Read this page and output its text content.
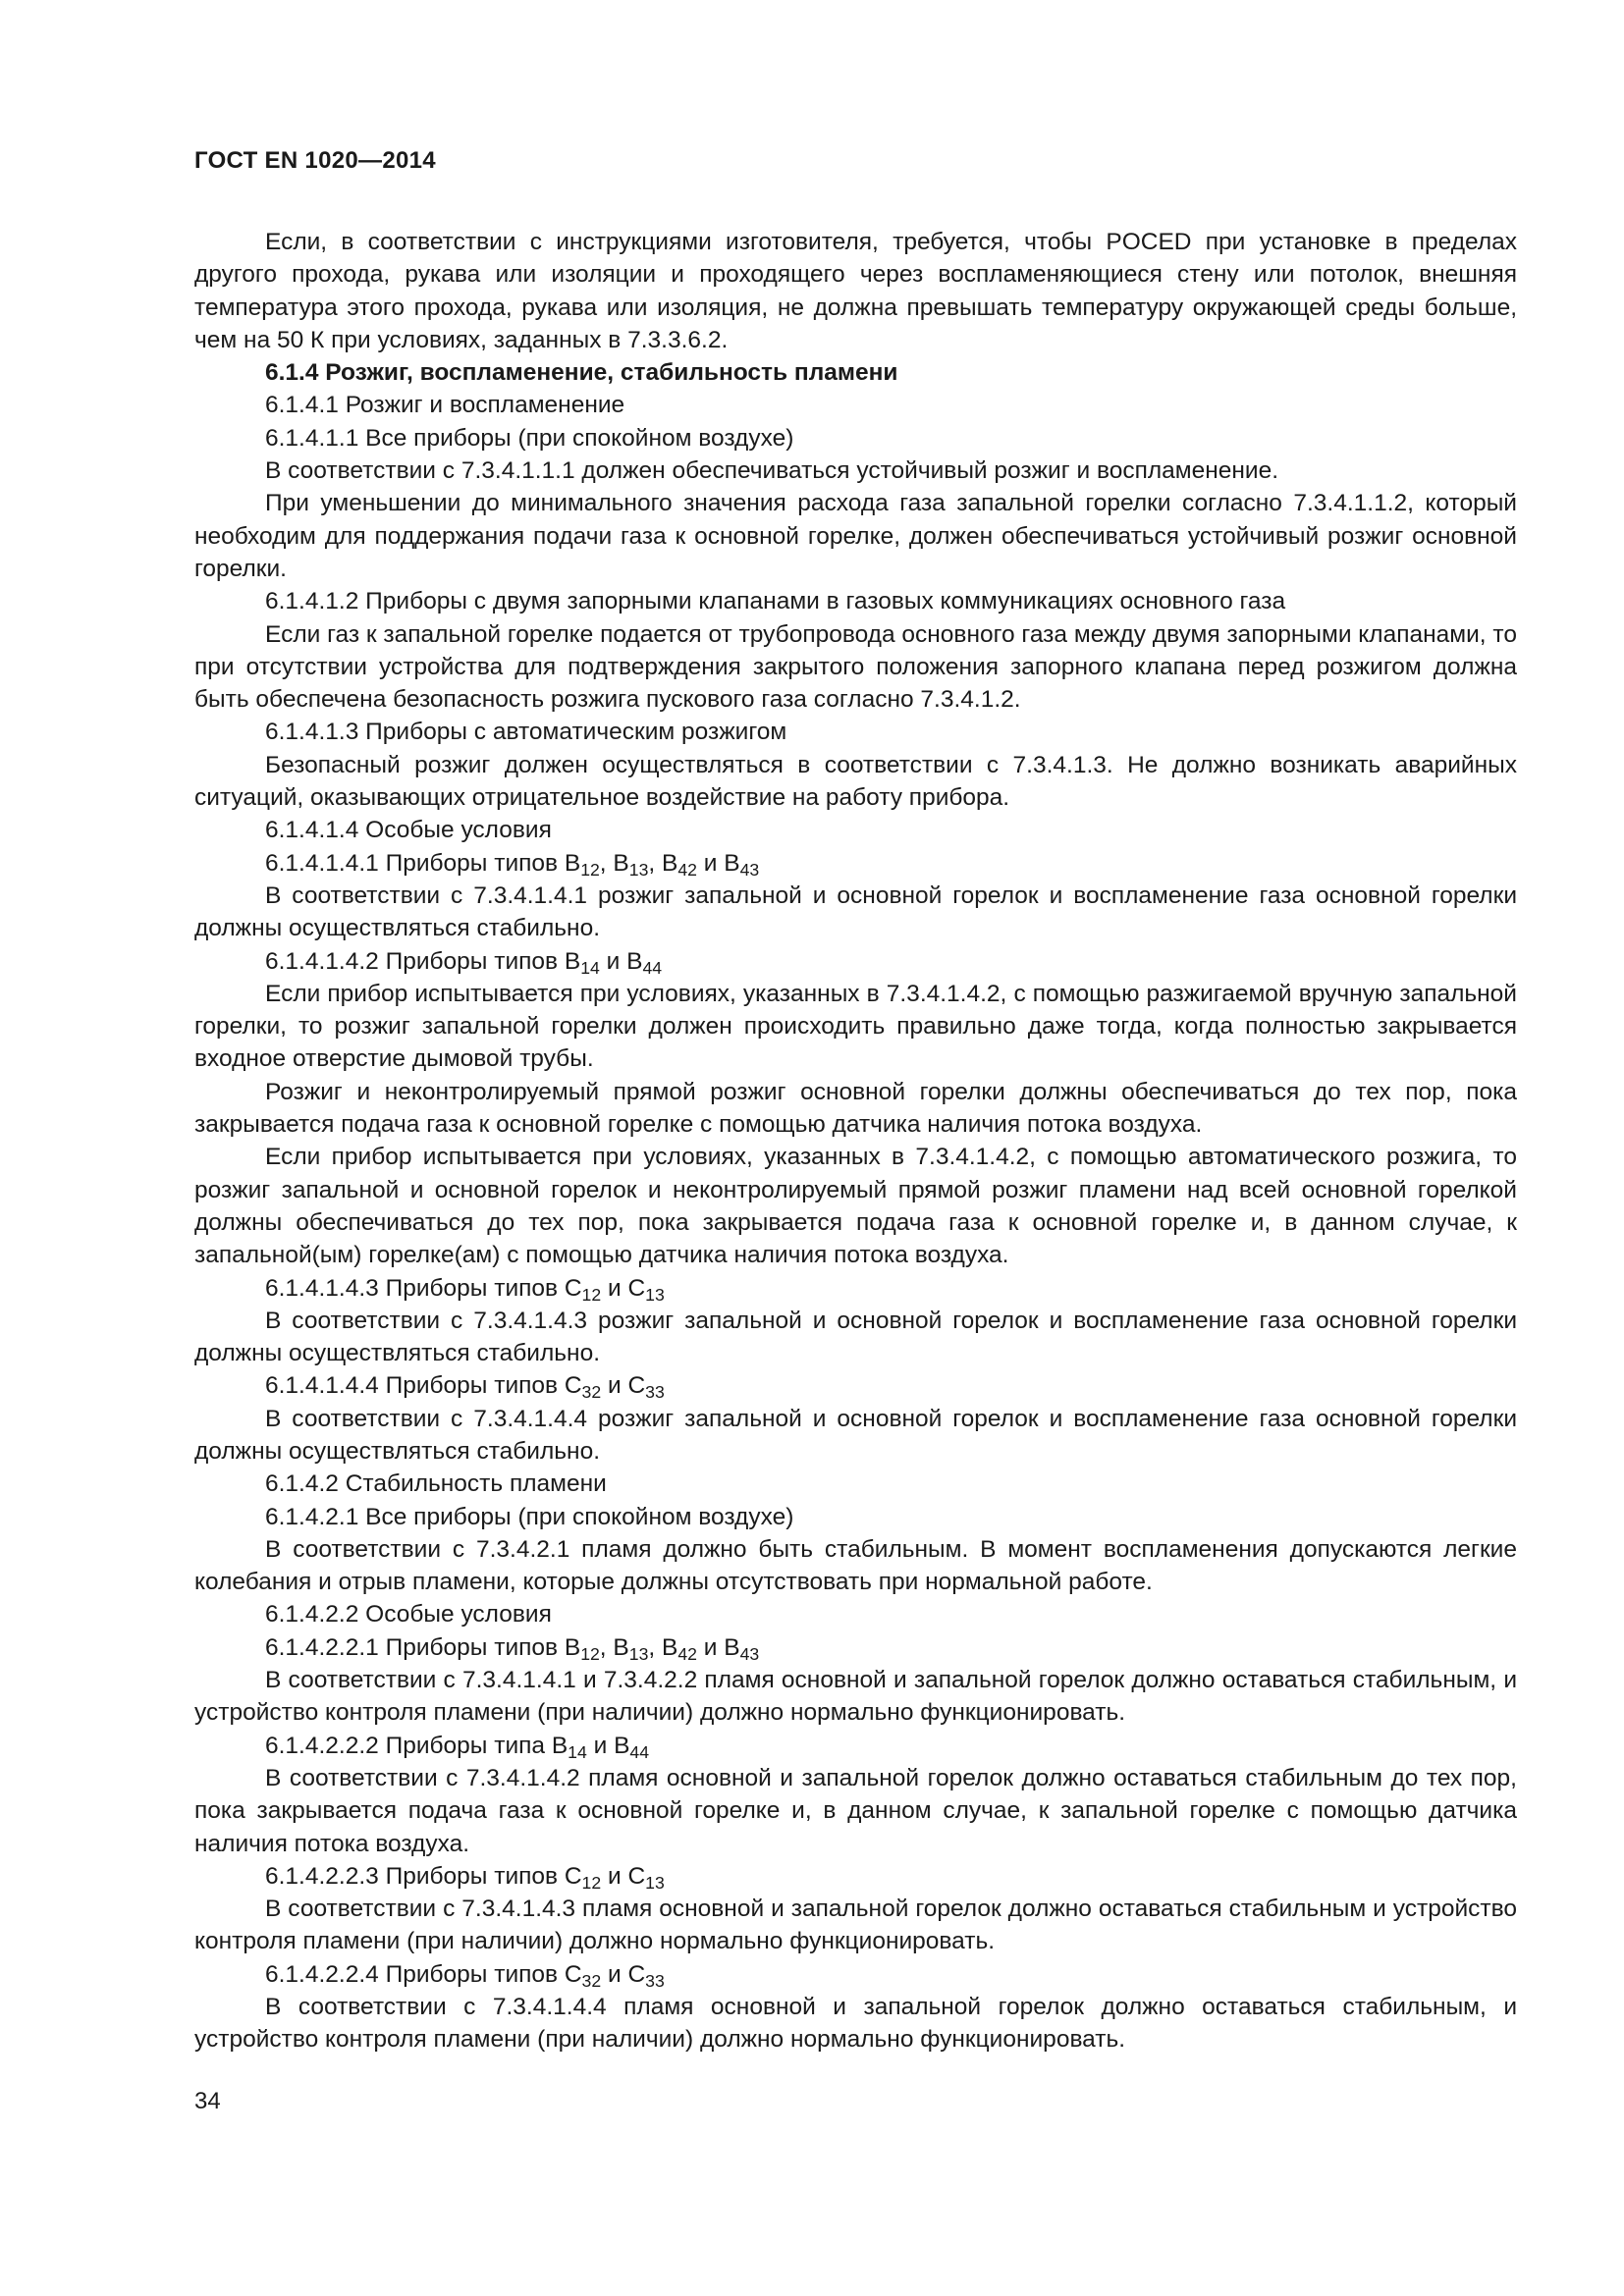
ГОСТ EN 1020—2014

Если, в соответствии с инструкциями изготовителя, требуется, чтобы POCED при установке в пределах другого прохода, рукава или изоляции и проходящего через воспламеняющиеся стену или потолок, внешняя температура этого прохода, рукава или изоляция, не должна превышать температуру окружающей среды больше, чем на 50 К при условиях, заданных в 7.3.3.6.2.

6.1.4 Розжиг, воспламенение, стабильность пламени

6.1.4.1 Розжиг и воспламенение

6.1.4.1.1 Все приборы (при спокойном воздухе)

В соответствии с 7.3.4.1.1.1 должен обеспечиваться устойчивый розжиг и воспламенение.

При уменьшении до минимального значения расхода газа запальной горелки согласно 7.3.4.1.1.2, который необходим для поддержания подачи газа к основной горелке, должен обеспечиваться устойчивый розжиг основной горелки.

6.1.4.1.2 Приборы с двумя запорными клапанами в газовых коммуникациях основного газа

Если газ к запальной горелке подается от трубопровода основного газа между двумя запорными клапанами, то при отсутствии устройства для подтверждения закрытого положения запорного клапана перед розжигом должна быть обеспечена безопасность розжига пускового газа согласно 7.3.4.1.2.

6.1.4.1.3 Приборы с автоматическим розжигом

Безопасный розжиг должен осуществляться в соответствии с 7.3.4.1.3. Не должно возникать аварийных ситуаций, оказывающих отрицательное воздействие на работу прибора.

6.1.4.1.4 Особые условия

6.1.4.1.4.1 Приборы типов $B_{12}$, $B_{13}$, $B_{42}$ и $B_{43}$

В соответствии с 7.3.4.1.4.1 розжиг запальной и основной горелок и воспламенение газа основной горелки должны осуществляться стабильно.

6.1.4.1.4.2 Приборы типов $B_{14}$ и $B_{44}$

Если прибор испытывается при условиях, указанных в 7.3.4.1.4.2, с помощью разжигаемой вручную запальной горелки, то розжиг запальной горелки должен происходить правильно даже тогда, когда полностью закрывается входное отверстие дымовой трубы.

Розжиг и неконтролируемый прямой розжиг основной горелки должны обеспечиваться до тех пор, пока закрывается подача газа к основной горелке с помощью датчика наличия потока воздуха.

Если прибор испытывается при условиях, указанных в 7.3.4.1.4.2, с помощью автоматического розжига, то розжиг запальной и основной горелок и неконтролируемый прямой розжиг пламени над всей основной горелкой должны обеспечиваться до тех пор, пока закрывается подача газа к основной горелке и, в данном случае, к запальной(ым) горелке(ам) с помощью датчика наличия потока воздуха.

6.1.4.1.4.3 Приборы типов $C_{12}$ и $C_{13}$

В соответствии с 7.3.4.1.4.3 розжиг запальной и основной горелок и воспламенение газа основной горелки должны осуществляться стабильно.

6.1.4.1.4.4 Приборы типов $C_{32}$ и $C_{33}$

В соответствии с 7.3.4.1.4.4 розжиг запальной и основной горелок и воспламенение газа основной горелки должны осуществляться стабильно.

6.1.4.2 Стабильность пламени

6.1.4.2.1 Все приборы (при спокойном воздухе)

В соответствии с 7.3.4.2.1 пламя должно быть стабильным. В момент воспламенения допускаются легкие колебания и отрыв пламени, которые должны отсутствовать при нормальной работе.

6.1.4.2.2 Особые условия

6.1.4.2.2.1 Приборы типов $B_{12}$, $B_{13}$, $B_{42}$ и $B_{43}$

В соответствии с 7.3.4.1.4.1 и 7.3.4.2.2 пламя основной и запальной горелок должно оставаться стабильным, и устройство контроля пламени (при наличии) должно нормально функционировать.

6.1.4.2.2.2 Приборы типа $B_{14}$ и $B_{44}$

В соответствии с 7.3.4.1.4.2 пламя основной и запальной горелок должно оставаться стабильным до тех пор, пока закрывается подача газа к основной горелке и, в данном случае, к запальной горелке с помощью датчика наличия потока воздуха.

6.1.4.2.2.3 Приборы типов $C_{12}$ и $C_{13}$

В соответствии с 7.3.4.1.4.3 пламя основной и запальной горелок должно оставаться стабильным и устройство контроля пламени (при наличии) должно нормально функционировать.

6.1.4.2.2.4 Приборы типов $C_{32}$ и $C_{33}$

В соответствии с 7.3.4.1.4.4 пламя основной и запальной горелок должно оставаться стабильным, и устройство контроля пламени (при наличии) должно нормально функционировать.

34
